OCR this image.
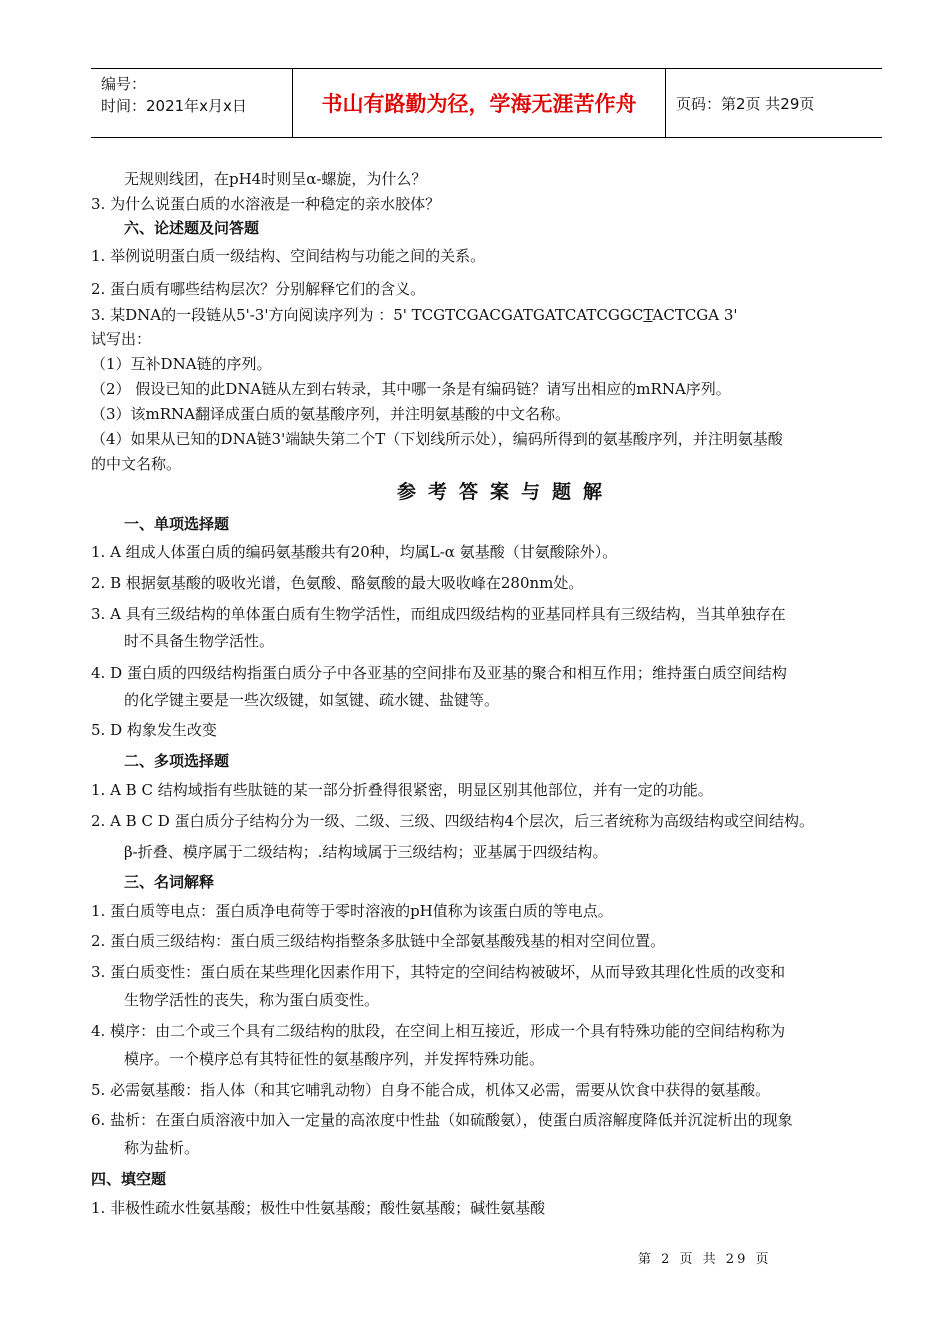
编号：
时间：2021年x月x日	书山有路勤为径，学海无涯苦作舟	页码：第2页 共29页
无规则线团，在pH4时则呈α-螺旋，为什么？
3. 为什么说蛋白质的水溶液是一种稳定的亲水胶体？
六、论述题及问答题
1. 举例说明蛋白质一级结构、空间结构与功能之间的关系。
2. 蛋白质有哪些结构层次？分别解释它们的含义。
3. 某DNA的一段链从5'-3'方向阅读序列为 ：5' TCGTCGACGATGATCATCGGCTACTCGA 3'
试写出：
（1）互补DNA链的序列。
（2） 假设已知的此DNA链从左到右转录，其中哪一条是有编码链？请写出相应的mRNA序列。
（3）该mRNA翻译成蛋白质的氨基酸序列，并注明氨基酸的中文名称。
（4）如果从已知的DNA链3'端缺失第二个T（下划线所示处），编码所得到的氨基酸序列，并注明氨基酸
的中文名称。
参考答案与题解
一、单项选择题
1. A 组成人体蛋白质的编码氨基酸共有20种，均属L-α 氨基酸（甘氨酸除外）。
2. B 根据氨基酸的吸收光谱，色氨酸、酪氨酸的最大吸收峰在280nm处。
3. A 具有三级结构的单体蛋白质有生物学活性，而组成四级结构的亚基同样具有三级结构，当其单独存在
时不具备生物学活性。
4. D 蛋白质的四级结构指蛋白质分子中各亚基的空间排布及亚基的聚合和相互作用；维持蛋白质空间结构
的化学键主要是一些次级键，如氢键、疏水键、盐键等。
5. D 构象发生改变
二、多项选择题
1. A B C 结构域指有些肽链的某一部分折叠得很紧密，明显区别其他部位，并有一定的功能。
2. A B C D 蛋白质分子结构分为一级、二级、三级、四级结构4个层次，后三者统称为高级结构或空间结构。
β-折叠、模序属于二级结构；.结构域属于三级结构；亚基属于四级结构。
三、名词解释
1. 蛋白质等电点：蛋白质净电荷等于零时溶液的pH值称为该蛋白质的等电点。
2. 蛋白质三级结构：蛋白质三级结构指整条多肽链中全部氨基酸残基的相对空间位置。
3. 蛋白质变性：蛋白质在某些理化因素作用下，其特定的空间结构被破坏，从而导致其理化性质的改变和
生物学活性的丧失，称为蛋白质变性。
4. 模序：由二个或三个具有二级结构的肽段，在空间上相互接近，形成一个具有特殊功能的空间结构称为
模序。一个模序总有其特征性的氨基酸序列，并发挥特殊功能。
5. 必需氨基酸：指人体（和其它哺乳动物）自身不能合成，机体又必需，需要从饮食中获得的氨基酸。
6. 盐析：在蛋白质溶液中加入一定量的高浓度中性盐（如硫酸氨），使蛋白质溶解度降低并沉淀析出的现象
称为盐析。
四、填空题
1. 非极性疏水性氨基酸；极性中性氨基酸；酸性氨基酸；碱性氨基酸
第 2 页 共 29 页
